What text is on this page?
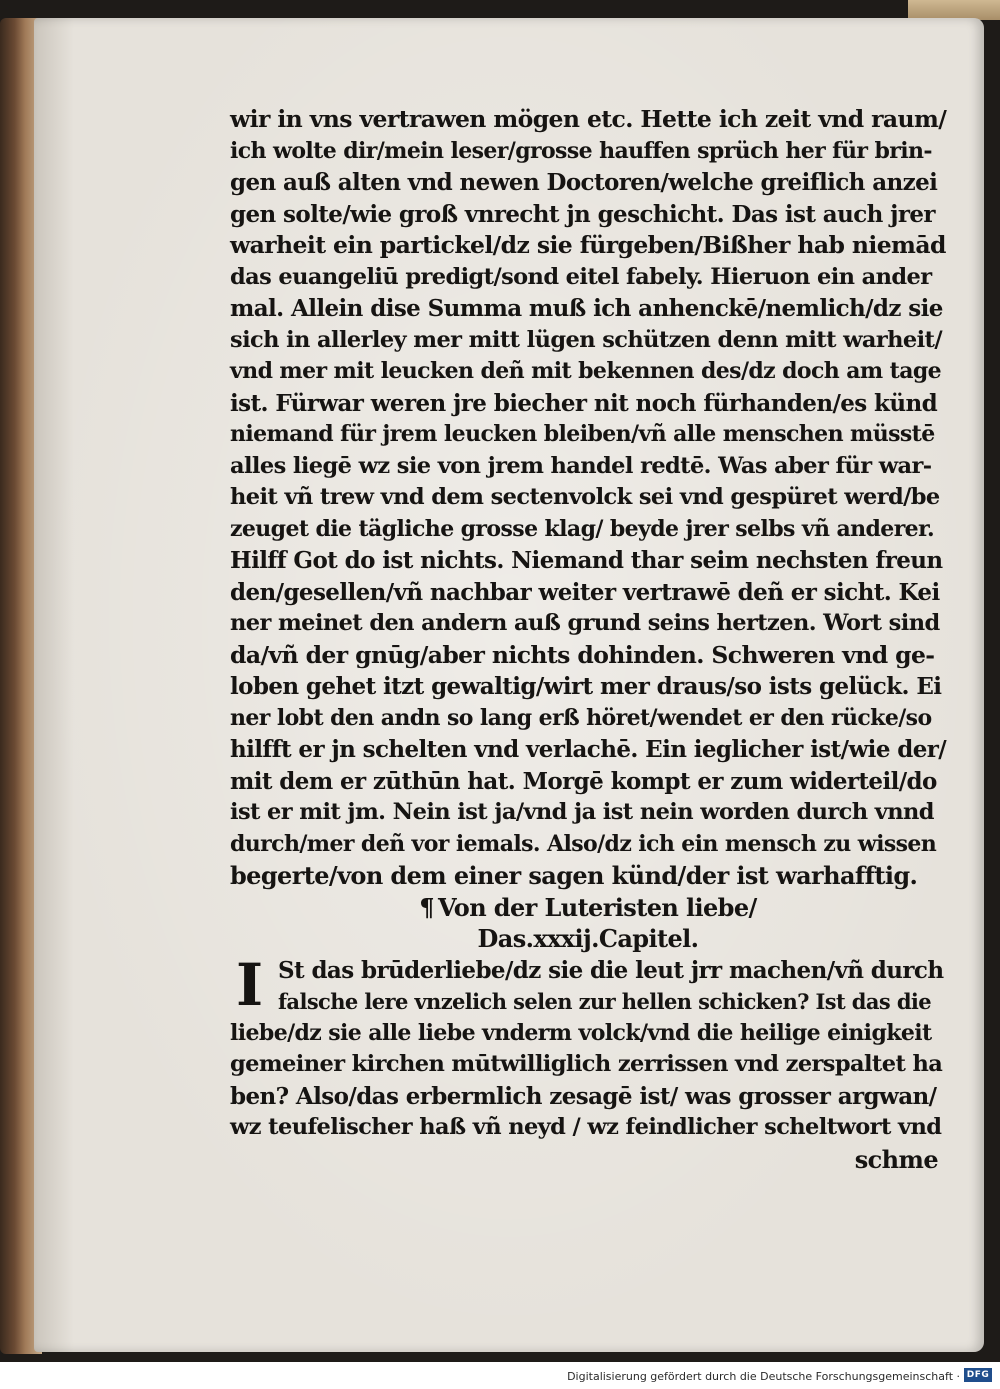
wir in vns vertrawen mögen etc. Hette ich zeit vnd raum/
ich wolte dir/mein leser/grosse hauffen sprüch her für brin-
gen auß alten vnd newen Doctoren/welche greiflich anzei
gen solte/wie groß vnrecht jn geschicht. Das ist auch jrer
warheit ein partickel/dz sie fürgeben/Bißher hab niemād
das euangeliū predigt/sond eitel fabely. Hieruon ein ander
mal. Allein dise Summa muß ich anhenckē/nemlich/dz sie
sich in allerley mer mitt lügen schützen denn mitt warheit/
vnd mer mit leucken deñ mit bekennen des/dz doch am tage
ist. Fürwar weren jre biecher nit noch fürhanden/es künd
niemand für jrem leucken bleiben/vñ alle menschen müsstē
alles liegē wz sie von jrem handel redtē. Was aber für war-
heit vñ trew vnd dem sectenvolck sei vnd gespüret werd/be
zeuget die tägliche grosse klag/ beyde jrer selbs vñ anderer.
Hilff Got do ist nichts. Niemand thar seim nechsten freun
den/gesellen/vñ nachbar weiter vertrawē deñ er sicht. Kei
ner meinet den andern auß grund seins hertzen. Wort sind
da/vñ der gnūg/aber nichts dohinden. Schweren vnd ge-
loben gehet itzt gewaltig/wirt mer draus/so ists gelück. Ei
ner lobt den andn so lang erß höret/wendet er den rücke/so
hilfft er jn schelten vnd verlachē. Ein ieglicher ist/wie der/
mit dem er zūthūn hat. Morgē kompt er zum widerteil/do
ist er mit jm. Nein ist ja/vnd ja ist nein worden durch vnnd
durch/mer deñ vor iemals. Also/dz ich ein mensch zu wissen
begerte/von dem einer sagen künd/der ist warhafftig.
¶ Von der Luteristen liebe/
Das.xxxij.Capitel.
I St das brūderliebe/dz sie die leut jrr machen/vñ durch
falsche lere vnzelich selen zur hellen schicken? Ist das die
liebe/dz sie alle liebe vnderm volck/vnd die heilige einigkeit
gemeiner kirchen mūtwilliglich zerrissen vnd zerspaltet ha
ben? Also/das erbermlich zesagē ist/ was grosser argwan/
wz teufelischer haß vñ neyd / wz feindlicher scheltwort vnd
schme
Digitalisierung gefördert durch die Deutsche Forschungsgemeinschaft · DFG
